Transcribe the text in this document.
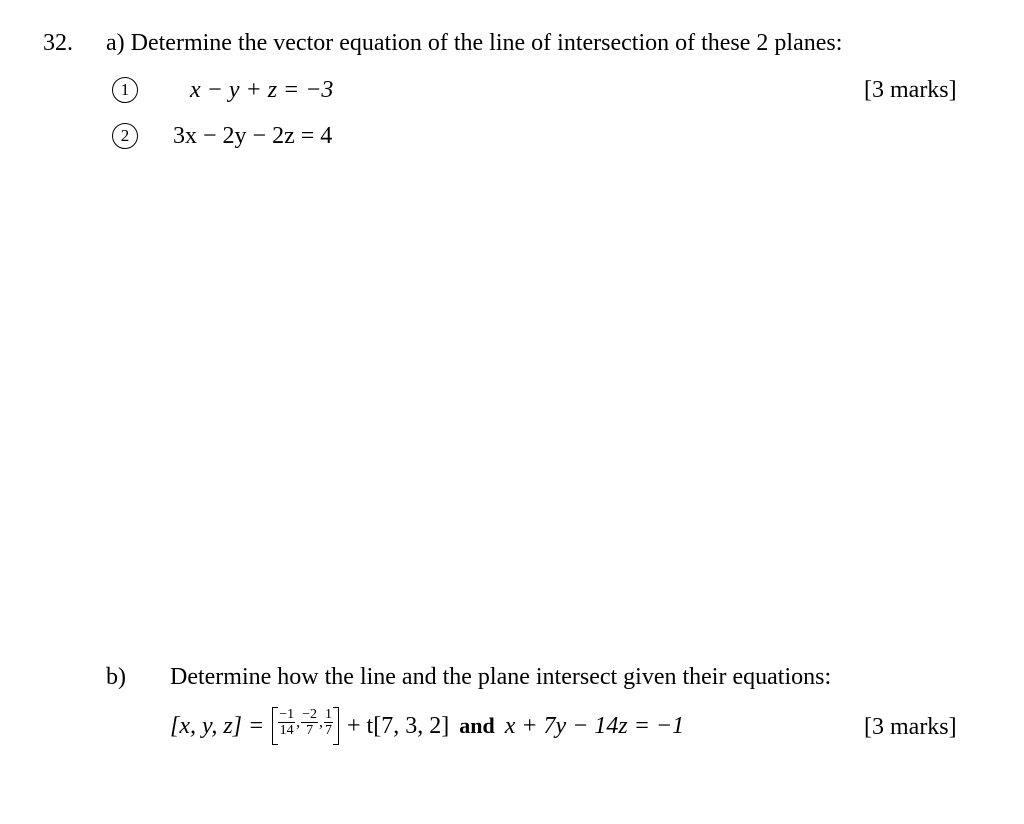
32. a) Determine the vector equation of the line of intersection of these 2 planes:
1	x − y + z = −3	[3 marks]
2	3x − 2y − 2z = 4
b) Determine how the line and the plane intersect given their equations:
[x, y, $z] = \frac{-1}{14}$ , $\frac{-2}{7}$ , $\frac{1}{7} + t[7$, 3, 2] and x + 7y − 14z = −1	[3 marks]
